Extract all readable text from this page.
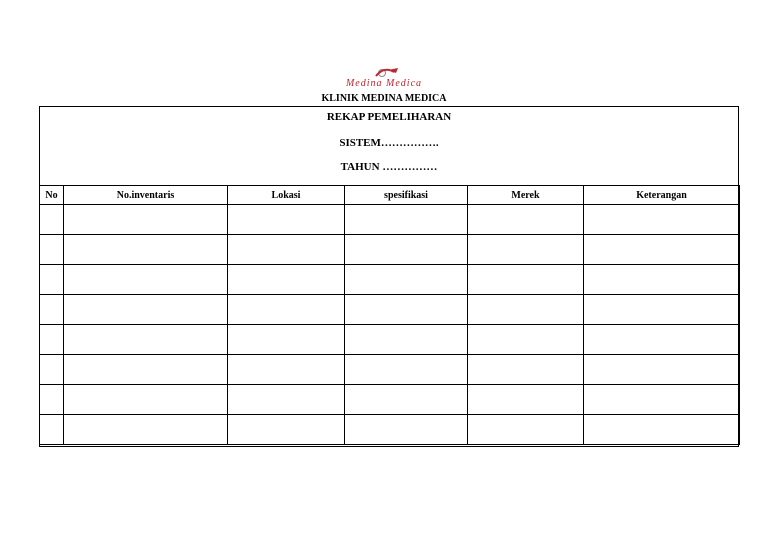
Medina Medica
KLINIK MEDINA MEDICA
REKAP PEMELIHARAN
SISTEM…………….
TAHUN ……………
No	No.inventaris	Lokasi	spesifikasi	Merek	Keterangan
